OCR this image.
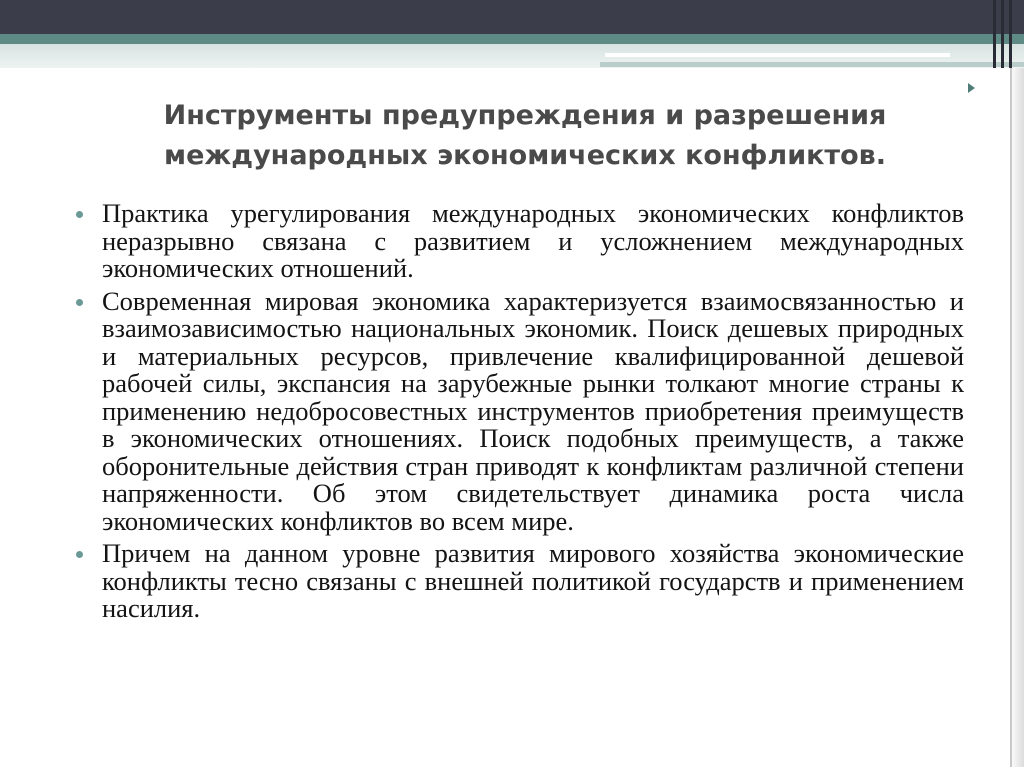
Инструменты предупреждения и разрешения
международных экономических конфликтов.
Практика урегулирования международных экономических конфликтов неразрывно связана с развитием и усложнением международных экономических отношений.
Современная мировая экономика характеризуется взаимосвязанностью и взаимозависимостью национальных экономик. Поиск дешевых природных и материальных ресурсов, привлечение квалифицированной дешевой рабочей силы, экспансия на зарубежные рынки толкают многие страны к применению недобросовестных инструментов приобретения преимуществ в экономических отношениях. Поиск подобных преимуществ, а также оборонительные действия стран приводят к конфликтам различной степени напряженности. Об этом свидетельствует динамика роста числа экономических конфликтов во всем мире.
Причем на данном уровне развития мирового хозяйства экономические конфликты тесно связаны с внешней политикой государств и применением насилия.
